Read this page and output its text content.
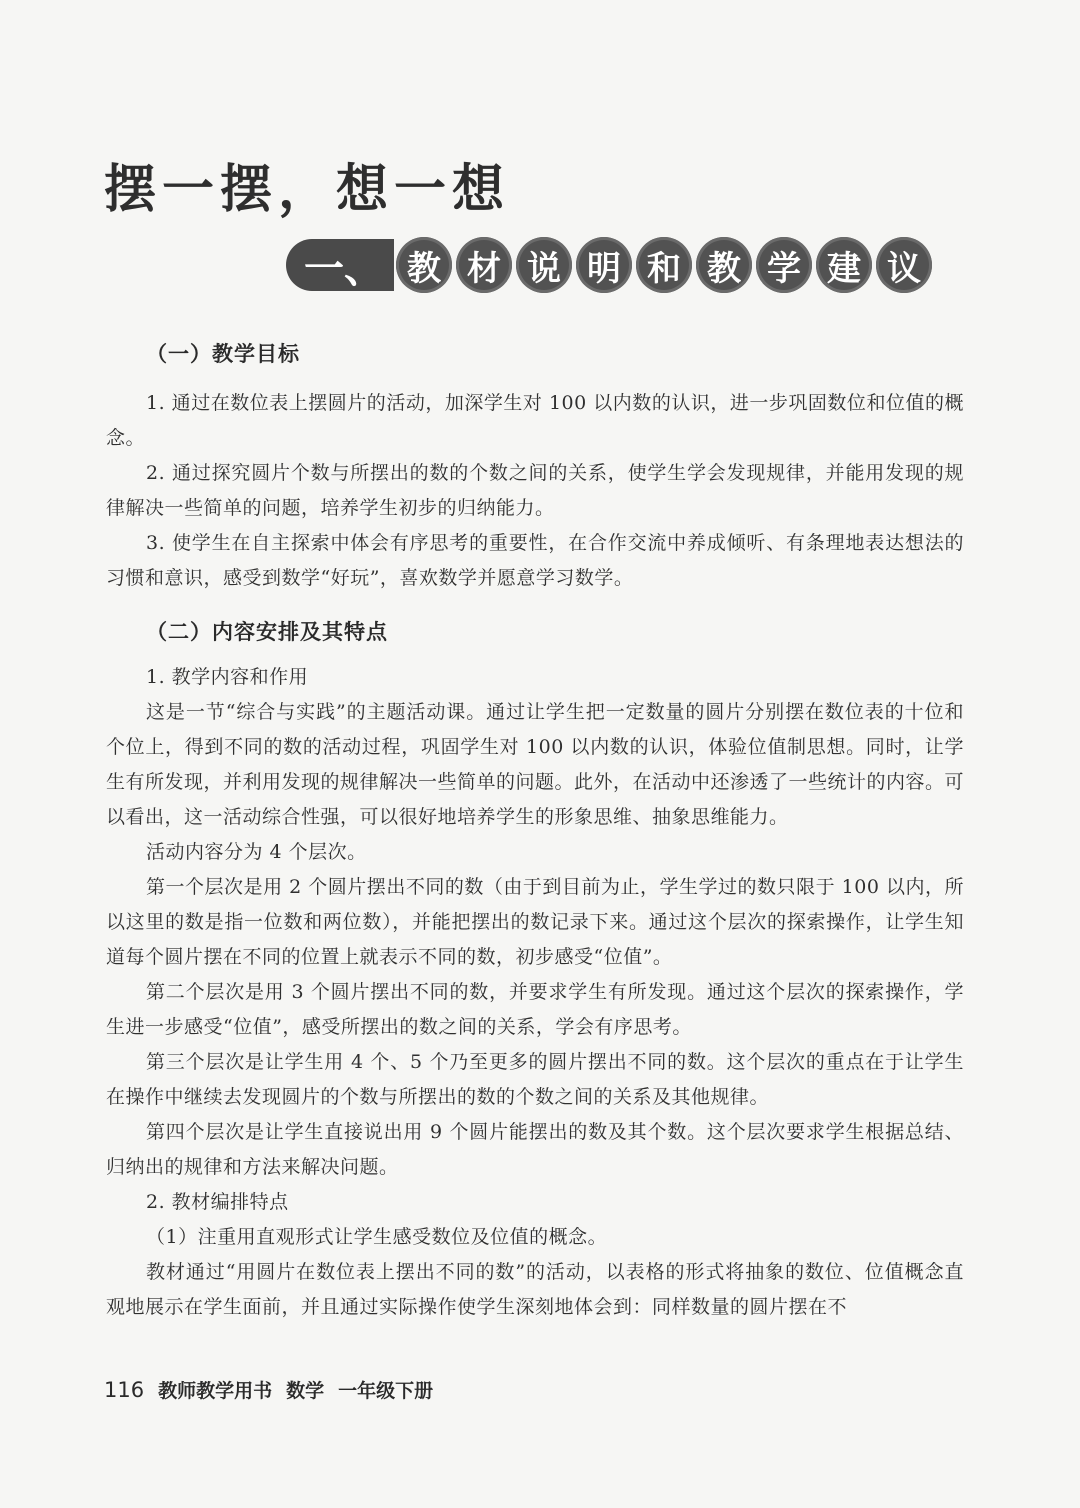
摆一摆，想一想
一、 教 材 说 明 和 教 学 建 议
（一）教学目标

1. 通过在数位表上摆圆片的活动，加深学生对 100 以内数的认识，进一步巩固数位和位值的概念。

2. 通过探究圆片个数与所摆出的数的个数之间的关系，使学生学会发现规律，并能用发现的规律解决一些简单的问题，培养学生初步的归纳能力。

3. 使学生在自主探索中体会有序思考的重要性，在合作交流中养成倾听、有条理地表达想法的习惯和意识，感受到数学“好玩”，喜欢数学并愿意学习数学。

（二）内容安排及其特点

1. 教学内容和作用

这是一节“综合与实践”的主题活动课。通过让学生把一定数量的圆片分别摆在数位表的十位和个位上，得到不同的数的活动过程，巩固学生对 100 以内数的认识，体验位值制思想。同时，让学生有所发现，并利用发现的规律解决一些简单的问题。此外，在活动中还渗透了一些统计的内容。可以看出，这一活动综合性强，可以很好地培养学生的形象思维、抽象思维能力。

活动内容分为 4 个层次。

第一个层次是用 2 个圆片摆出不同的数（由于到目前为止，学生学过的数只限于 100 以内，所以这里的数是指一位数和两位数），并能把摆出的数记录下来。通过这个层次的探索操作，让学生知道每个圆片摆在不同的位置上就表示不同的数，初步感受“位值”。

第二个层次是用 3 个圆片摆出不同的数，并要求学生有所发现。通过这个层次的探索操作，学生进一步感受“位值”，感受所摆出的数之间的关系，学会有序思考。

第三个层次是让学生用 4 个、5 个乃至更多的圆片摆出不同的数。这个层次的重点在于让学生在操作中继续去发现圆片的个数与所摆出的数的个数之间的关系及其他规律。

第四个层次是让学生直接说出用 9 个圆片能摆出的数及其个数。这个层次要求学生根据总结、归纳出的规律和方法来解决问题。

2. 教材编排特点

（1）注重用直观形式让学生感受数位及位值的概念。

教材通过“用圆片在数位表上摆出不同的数”的活动，以表格的形式将抽象的数位、位值概念直观地展示在学生面前，并且通过实际操作使学生深刻地体会到：同样数量的圆片摆在不

116 教师教学用书 数学 一年级下册
